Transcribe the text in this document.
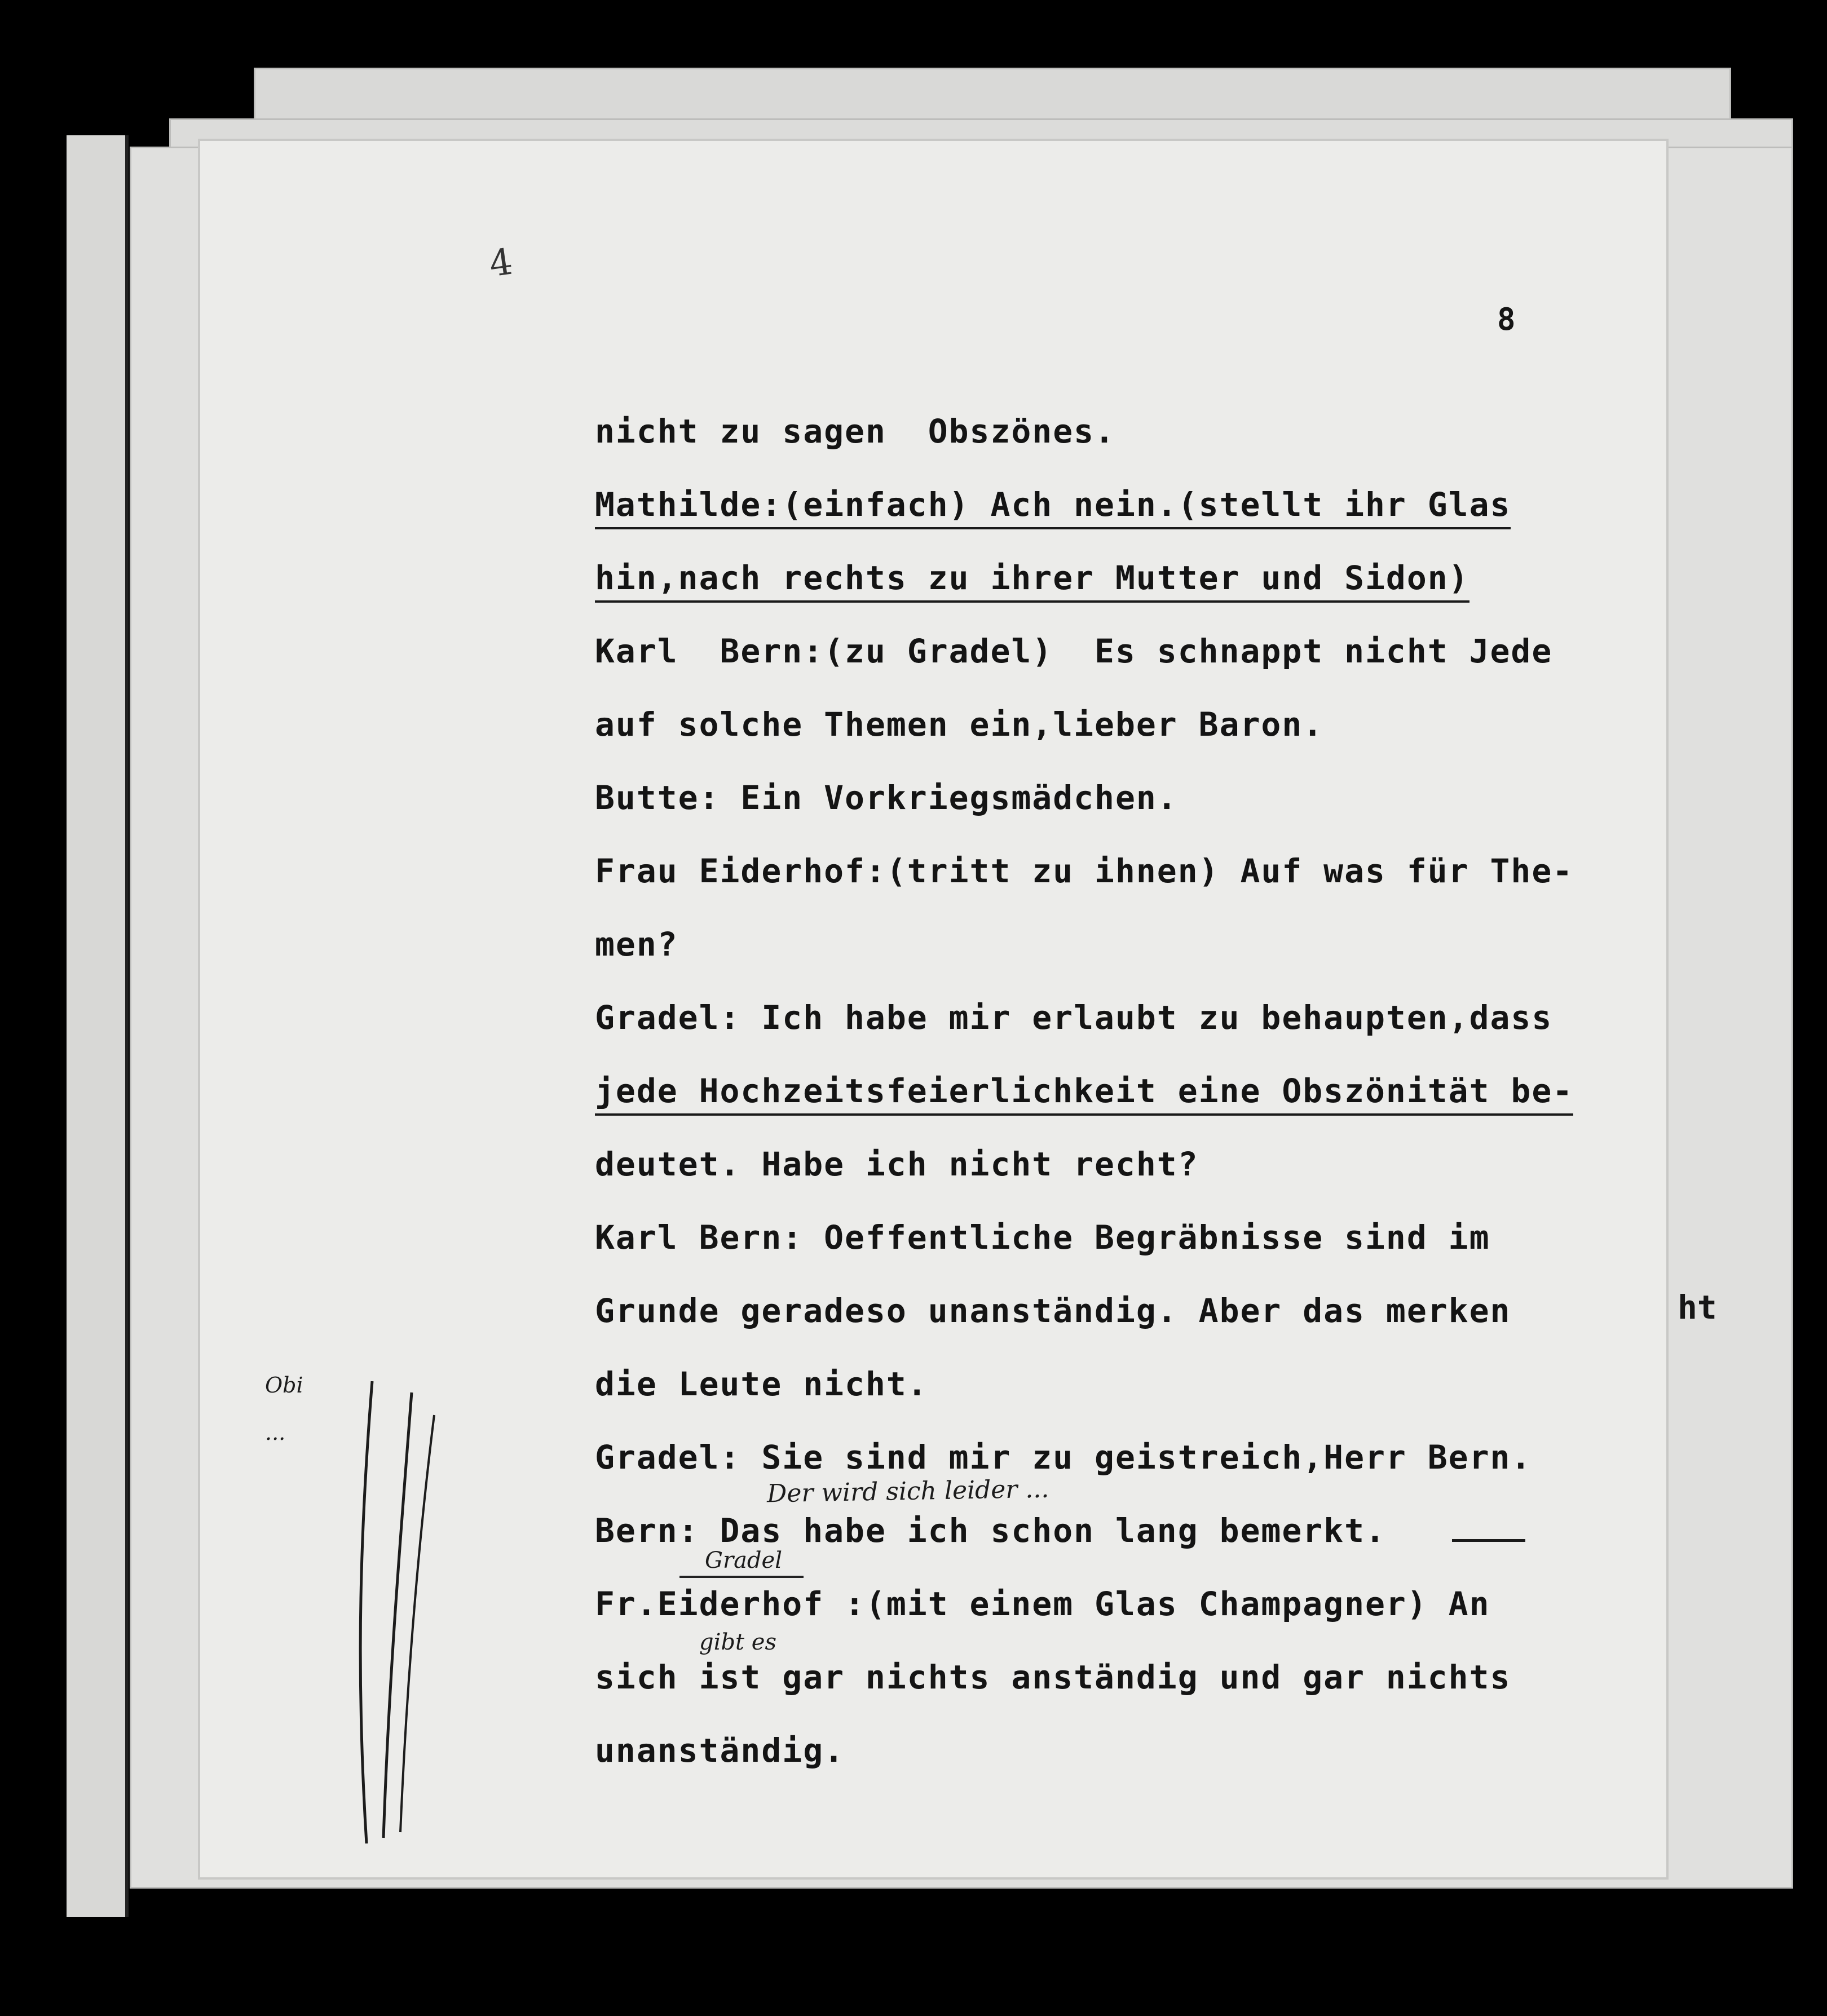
4
8
nicht zu sagen  Obszönes.
Mathilde:(einfach) Ach nein.(stellt ihr Glas
hin,nach rechts zu ihrer Mutter und Sidon)
Karl  Bern:(zu Gradel)  Es schnappt nicht Jede
auf solche Themen ein,lieber Baron.
Butte: Ein Vorkriegsmädchen.
Frau Eiderhof:(tritt zu ihnen) Auf was für The-
men?
Gradel: Ich habe mir erlaubt zu behaupten,dass
jede Hochzeitsfeierlichkeit eine Obszönität be-
deutet. Habe ich nicht recht?
Karl Bern: Oeffentliche Begräbnisse sind im
Grunde geradeso unanständig. Aber das merken
die Leute nicht.
Gradel: Sie sind mir zu geistreich,Herr Bern.
Bern: Das habe ich schon lang bemerkt.
Fr.Eiderhof :(mit einem Glas Champagner) An
sich ist gar nichts anständig und gar nichts
unanständig.
Der wird sich leider ...
Gradel
gibt es
Obi
...
ht
